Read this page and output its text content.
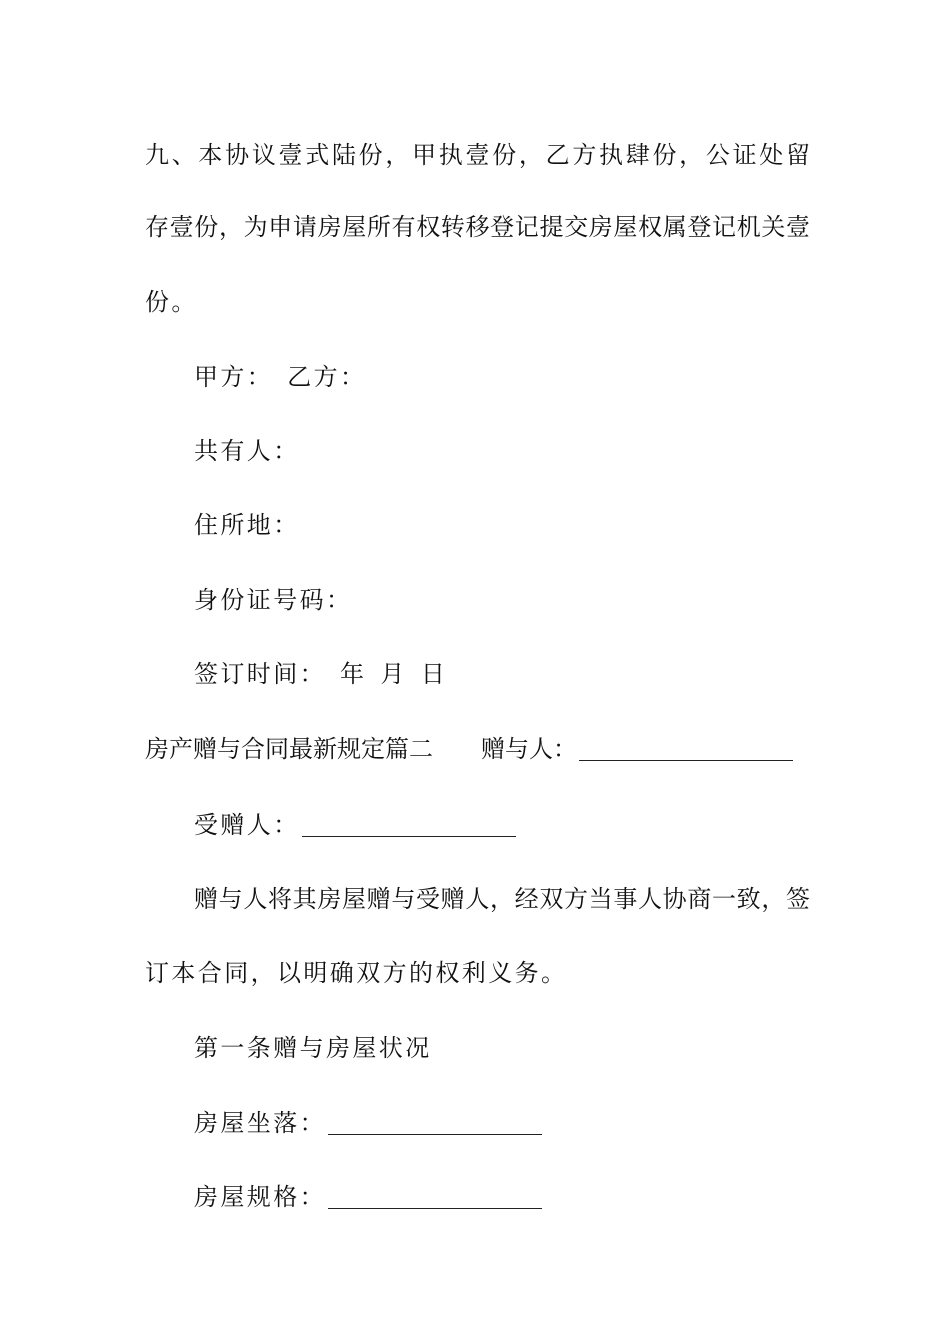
九、本协议壹式陆份，甲执壹份，乙方执肆份，公证处留
存壹份，为申请房屋所有权转移登记提交房屋权属登记机关壹
份。
甲方： 乙方：
共有人：
住所地：
身份证号码：
签订时间： 年 月 日
房产赠与合同最新规定篇二 赠与人：
受赠人：
赠与人将其房屋赠与受赠人，经双方当事人协商一致，签
订本合同，以明确双方的权利义务。
第一条赠与房屋状况
房屋坐落：
房屋规格：
